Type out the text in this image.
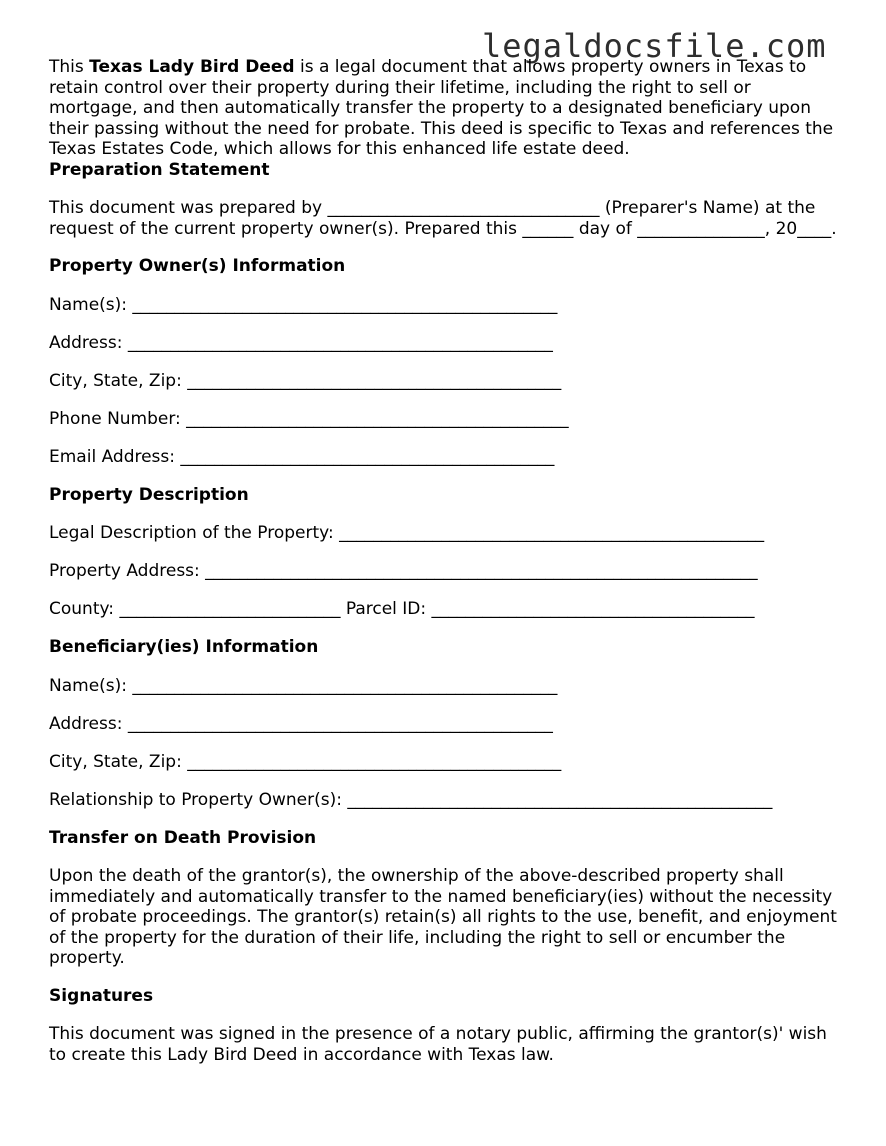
legaldocsfile.com

This Texas Lady Bird Deed is a legal document that allows property owners in Texas to retain control over their property during their lifetime, including the right to sell or mortgage, and then automatically transfer the property to a designated beneficiary upon their passing without the need for probate. This deed is specific to Texas and references the Texas Estates Code, which allows for this enhanced life estate deed.

Preparation Statement

This document was prepared by ________________________________ (Preparer's Name) at the request of the current property owner(s). Prepared this ______ day of _______________, 20____.

Property Owner(s) Information
Name(s): __________________________________________________
Address: __________________________________________________
City, State, Zip: ____________________________________________
Phone Number: _____________________________________________
Email Address: ____________________________________________
Property Description
Legal Description of the Property: __________________________________________________
Property Address: _________________________________________________________________
County: __________________________ Parcel ID: ______________________________________
Beneficiary(ies) Information
Name(s): __________________________________________________
Address: __________________________________________________
City, State, Zip: ____________________________________________
Relationship to Property Owner(s): __________________________________________________
Transfer on Death Provision

Upon the death of the grantor(s), the ownership of the above-described property shall immediately and automatically transfer to the named beneficiary(ies) without the necessity of probate proceedings. The grantor(s) retain(s) all rights to the use, benefit, and enjoyment of the property for the duration of their life, including the right to sell or encumber the property.

Signatures

This document was signed in the presence of a notary public, affirming the grantor(s)' wish to create this Lady Bird Deed in accordance with Texas law.
